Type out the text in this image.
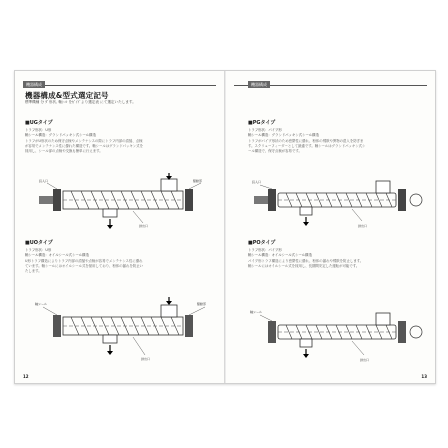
機器構成
機器構成&型式選定記号
標準機種 分 ﾀﾞ形状, 軸ｼｰﾙ をｶﾞｲﾄﾞより選定表 にて選定いたします。
■UGタイプ
トラフ形状：U形
軸シール構造：グランドパッキン式シール構造
トラフがU形状のため保守点検やメンテナンスの際にトラフ内部の清掃、点検が容易でメンテナンス性に優れた構造です。軸シールはグランドパッキン式を採用し、シール部の点検や交換も簡単に行えます。
投入口	駆動部
排出口
■UOタイプ
トラフ形状：U形
軸シール構造：オイルシール式シール構造
U形トラフ構造によりトラフ内部の清掃や点検が容易でメンテナンス性に優れています。軸シールにはオイルシール式を採用しており、粉体の漏れを防止いたします。
軸シール	駆動部
排出口
12
機器構成
■PGタイプ
トラフ形状：パイプ形
軸シール構造：グランドパッキン式シール構造
トラフがパイプ形状のため密閉性に優れ、粉体の飛散や異物の混入を防ぎます。スクリューフィーダーとして最適です。軸シールはグランドパッキン式シール構造で、保守点検が容易です。
投入口
排出口
■POタイプ
トラフ形状：パイプ形
軸シール構造：オイルシール式シール構造
パイプ形トラフ構造により密閉性に優れ、粉体の漏れや飛散を防止します。軸シールにはオイルシール式を採用し、長期間安定した運転が可能です。
軸シール
排出口
13
